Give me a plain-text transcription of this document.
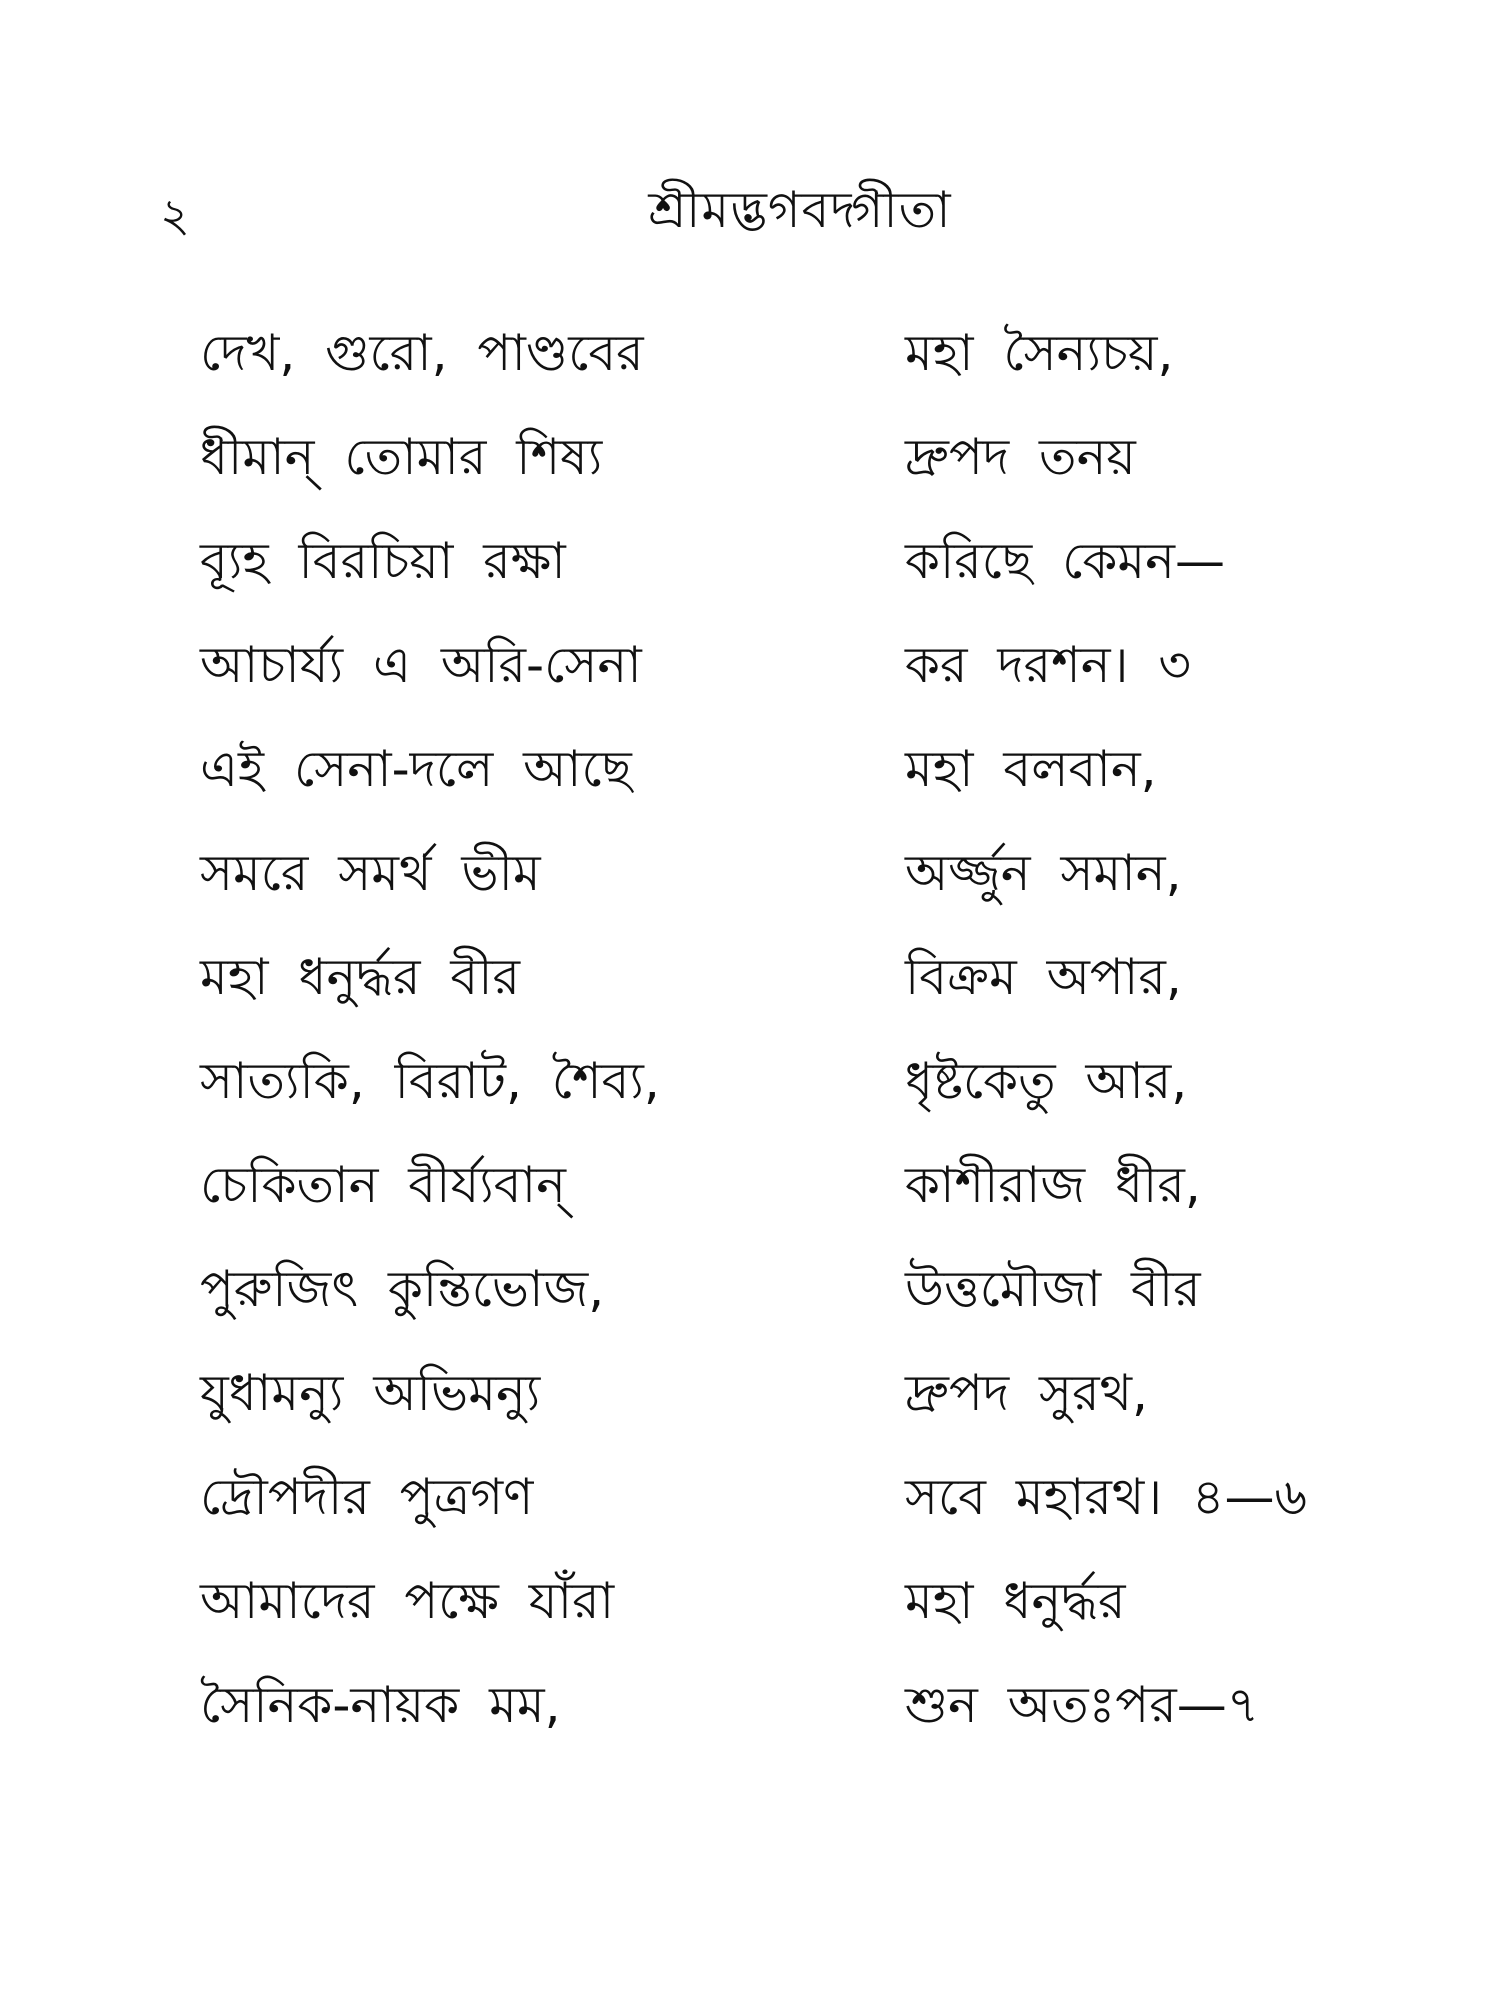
২	শ্রীমদ্ভগবদ্গীতা
দেখ, গুরো, পাণ্ডবের	মহা সৈন্যচয়,
ধীমান্ তোমার শিষ্য	দ্রুপদ তনয়
ব্যূহ বিরচিয়া রক্ষা	করিছে কেমন—
আচার্য্য এ অরি-সেনা	কর দরশন। ৩
এই সেনা-দলে আছে	মহা বলবান,
সমরে সমর্থ ভীম	অর্জ্জুন সমান,
মহা ধনুর্দ্ধর বীর	বিক্রম অপার,
সাত্যকি, বিরাট, শৈব্য,	ধৃষ্টকেতু আর,
চেকিতান বীর্য্যবান্	কাশীরাজ ধীর,
পুরুজিৎ কুন্তিভোজ,	উত্তমৌজা বীর
যুধামন্যু অভিমন্যু	দ্রুপদ সুরথ,
দ্রৌপদীর পুত্রগণ	সবে মহারথ। ৪—৬
আমাদের পক্ষে যাঁরা	মহা ধনুর্দ্ধর
সৈনিক-নায়ক মম,	শুন অতঃপর—৭
